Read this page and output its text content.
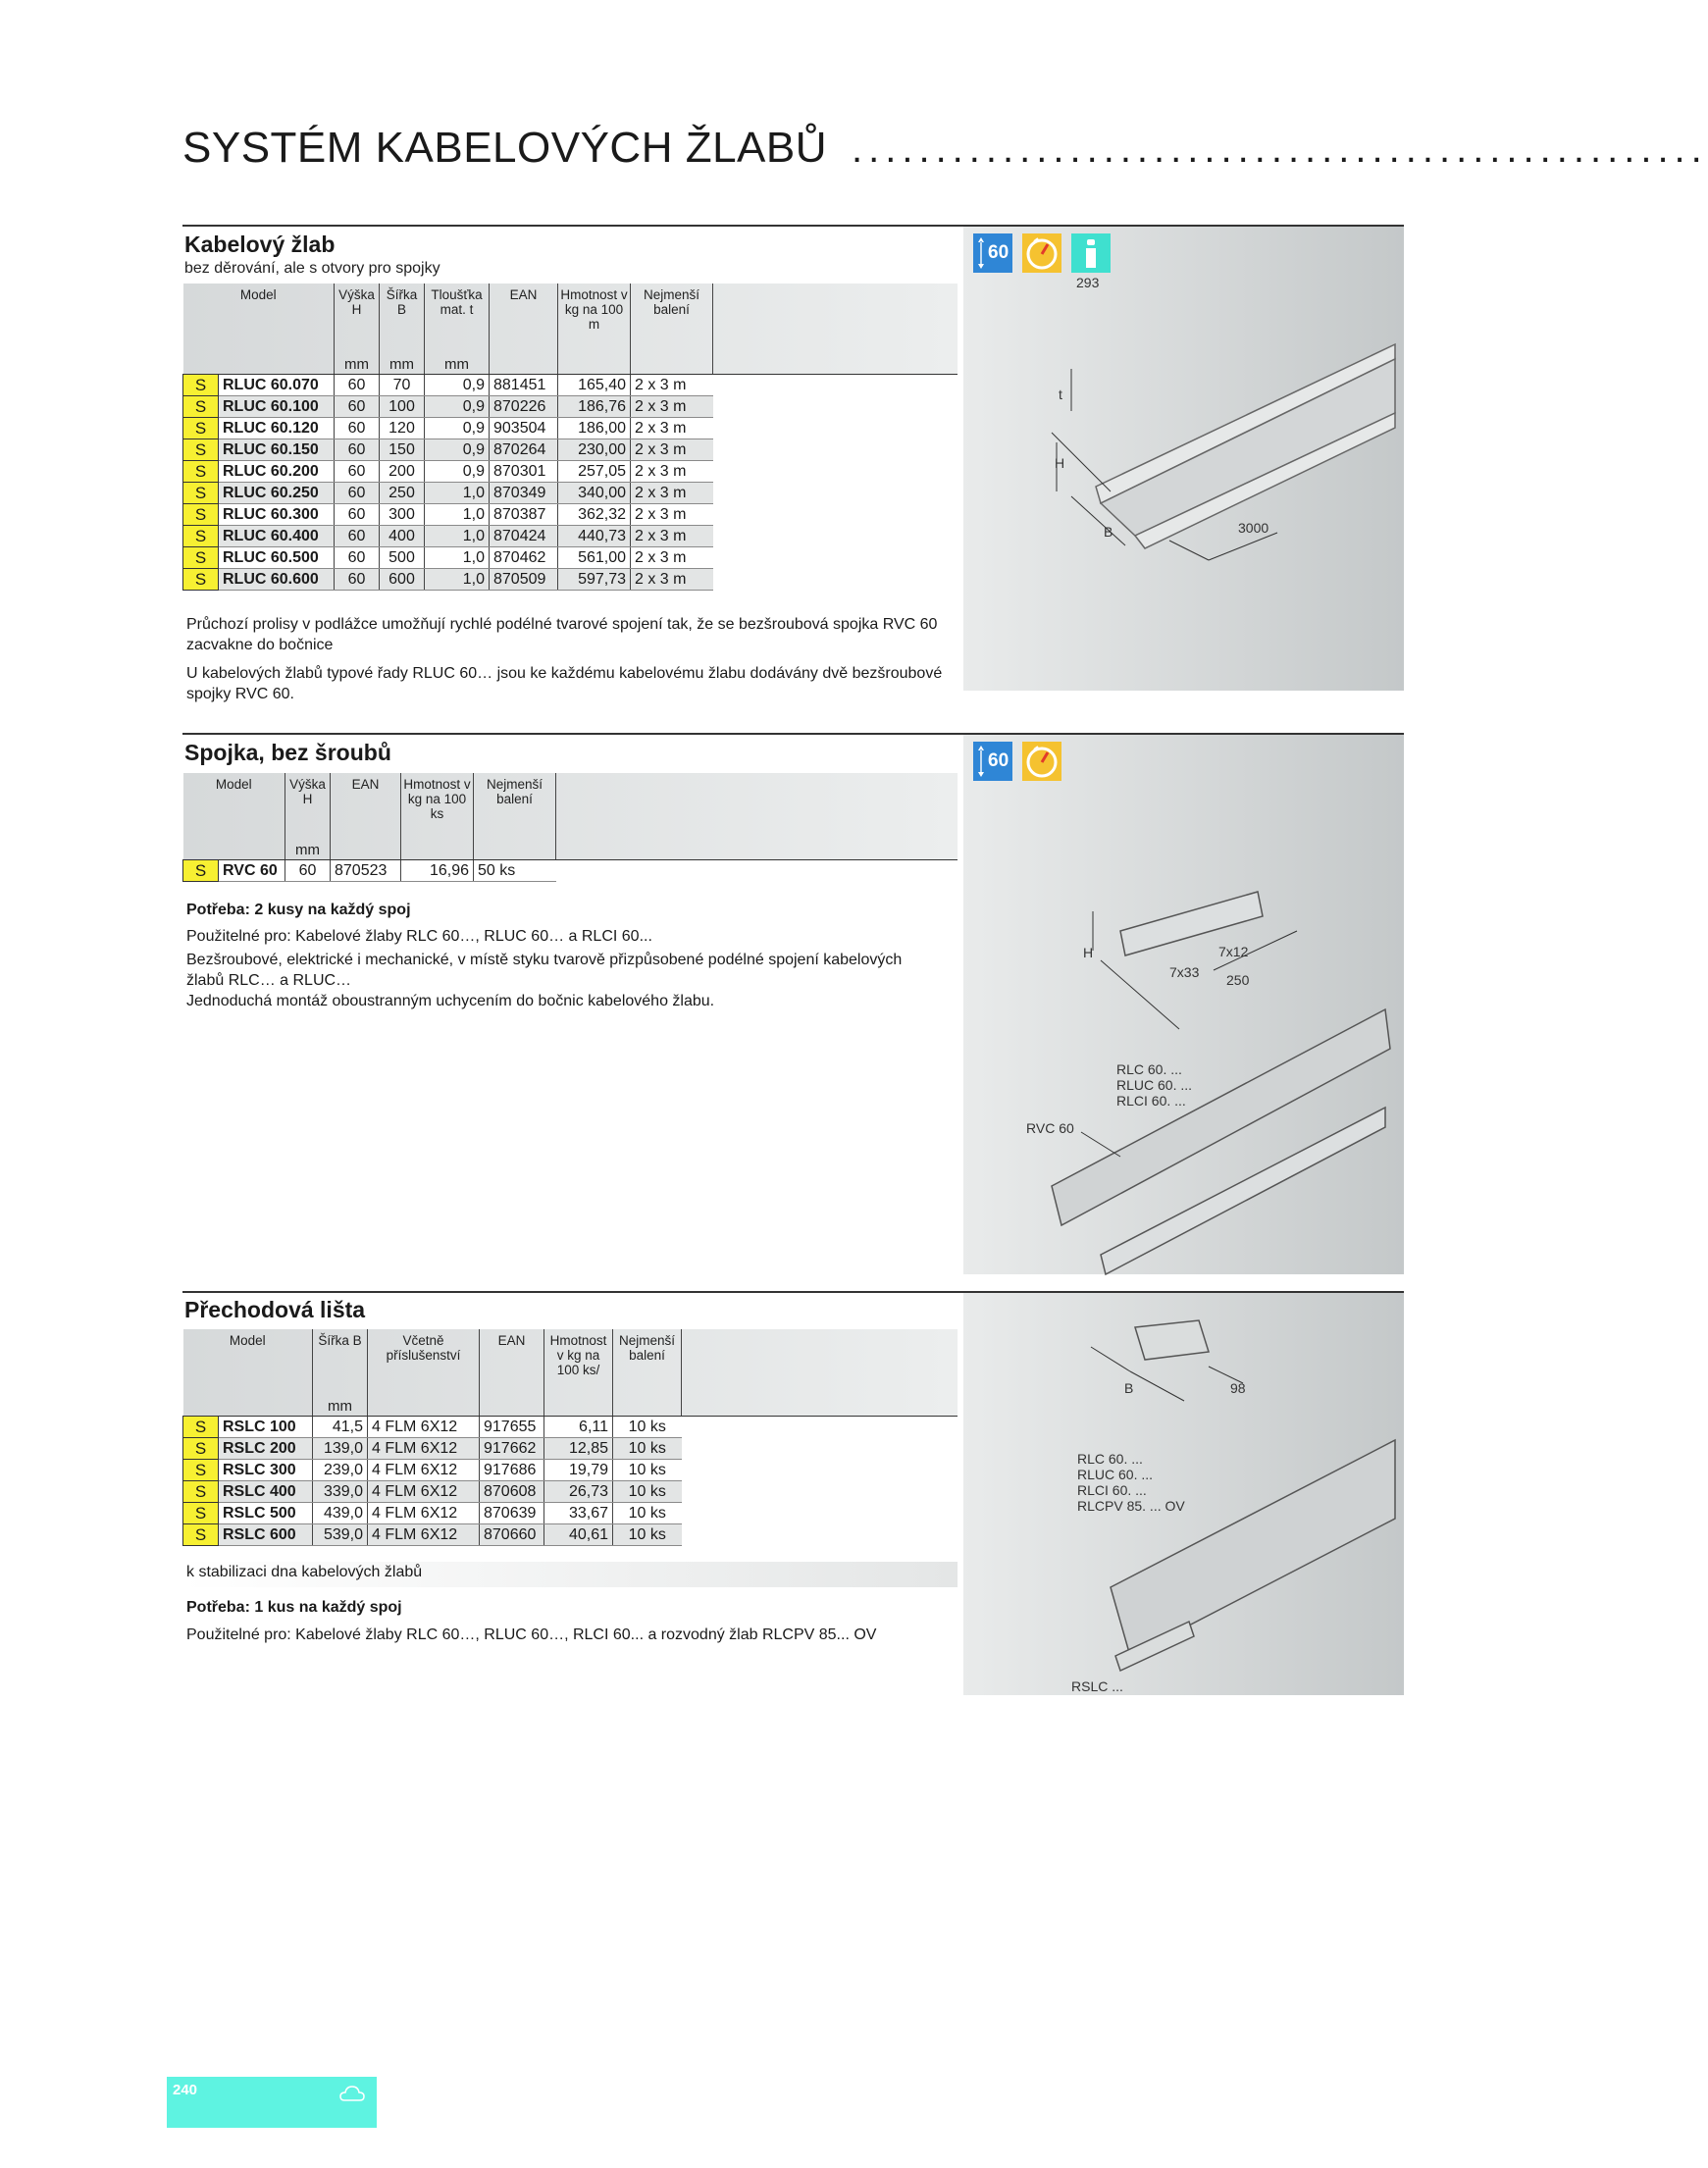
SYSTÉM KABELOVÝCH ŽLABŮ ...................................................
Kabelový žlab
bez děrování, ale s otvory pro spojky
Model		Výška H	Šířka B	Tloušťka mat. t	EAN	Hmotnost v kg na 100 m	Nejmenší balení	
		mm	mm	mm				
S	RLUC 60.070	60	70	0,9	881451	165,40	2 x 3 m	
S	RLUC 60.100	60	100	0,9	870226	186,76	2 x 3 m	
S	RLUC 60.120	60	120	0,9	903504	186,00	2 x 3 m	
S	RLUC 60.150	60	150	0,9	870264	230,00	2 x 3 m	
S	RLUC 60.200	60	200	0,9	870301	257,05	2 x 3 m	
S	RLUC 60.250	60	250	1,0	870349	340,00	2 x 3 m	
S	RLUC 60.300	60	300	1,0	870387	362,32	2 x 3 m	
S	RLUC 60.400	60	400	1,0	870424	440,73	2 x 3 m	
S	RLUC 60.500	60	500	1,0	870462	561,00	2 x 3 m	
S	RLUC 60.600	60	600	1,0	870509	597,73	2 x 3 m	
Průchozí prolisy v podlážce umožňují rychlé podélné tvarové spojení tak, že se bezšroubová spojka RVC 60 zacvakne do bočnice
U kabelových žlabů typové řady RLUC 60… jsou ke každému kabelovému žlabu dodávány dvě bezšroubové spojky RVC 60.
60
293
t
H
B	3000
Spojka, bez šroubů
Model		Výška H	EAN	Hmotnost v kg na 100 ks	Nejmenší balení	
		mm				
S	RVC 60	60	870523	16,96	50 ks	
Potřeba: 2 kusy na každý spoj
Použitelné pro: Kabelové žlaby RLC 60…, RLUC 60… a RLCI 60...
Bezšroubové, elektrické i mechanické, v místě styku tvarově přizpůsobené podélné spojení kabelových žlabů RLC… a RLUC…
Jednoduchá montáž oboustranným uchycením do bočnic kabelového žlabu.
60
H	7x12
7x33 250
RLC 60. ...
RLUC 60. ...
RLCI 60. ...
RVC 60
Přechodová lišta
Model		Šířka B	Včetně příslušenství	EAN	Hmotnost v kg na 100 ks/	Nejmenší balení	
		mm					
S	RSLC 100	41,5	4 FLM 6X12	917655	6,11	10 ks	
S	RSLC 200	139,0	4 FLM 6X12	917662	12,85	10 ks	
S	RSLC 300	239,0	4 FLM 6X12	917686	19,79	10 ks	
S	RSLC 400	339,0	4 FLM 6X12	870608	26,73	10 ks	
S	RSLC 500	439,0	4 FLM 6X12	870639	33,67	10 ks	
S	RSLC 600	539,0	4 FLM 6X12	870660	40,61	10 ks	
k stabilizaci dna kabelových žlabů
Potřeba: 1 kus na každý spoj
Použitelné pro: Kabelové žlaby RLC 60…, RLUC 60…, RLCI 60... a rozvodný žlab RLCPV 85... OV
B	98
RLC 60. ...
RLUC 60. ...
RLCI 60. ...
RLCPV 85. ... OV
RSLC ...
240
